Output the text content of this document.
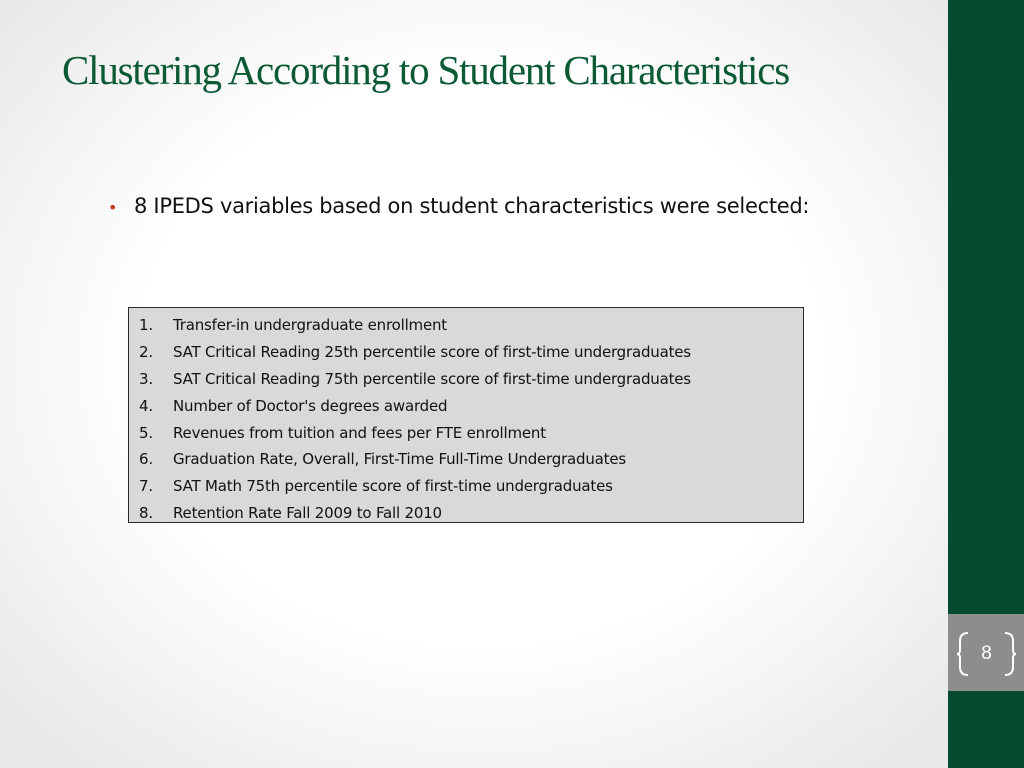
8
Clustering According to Student Characteristics
• 8 IPEDS variables based on student characteristics were selected:
1.	Transfer-in undergraduate enrollment
2.	SAT Critical Reading 25th percentile score of first-time undergraduates
3.	SAT Critical Reading 75th percentile score of first-time undergraduates
4.	Number of Doctor's degrees awarded
5.	Revenues from tuition and fees per FTE enrollment
6.	Graduation Rate, Overall, First-Time Full-Time Undergraduates
7.	SAT Math 75th percentile score of first-time undergraduates
8.	Retention Rate Fall 2009 to Fall 2010
